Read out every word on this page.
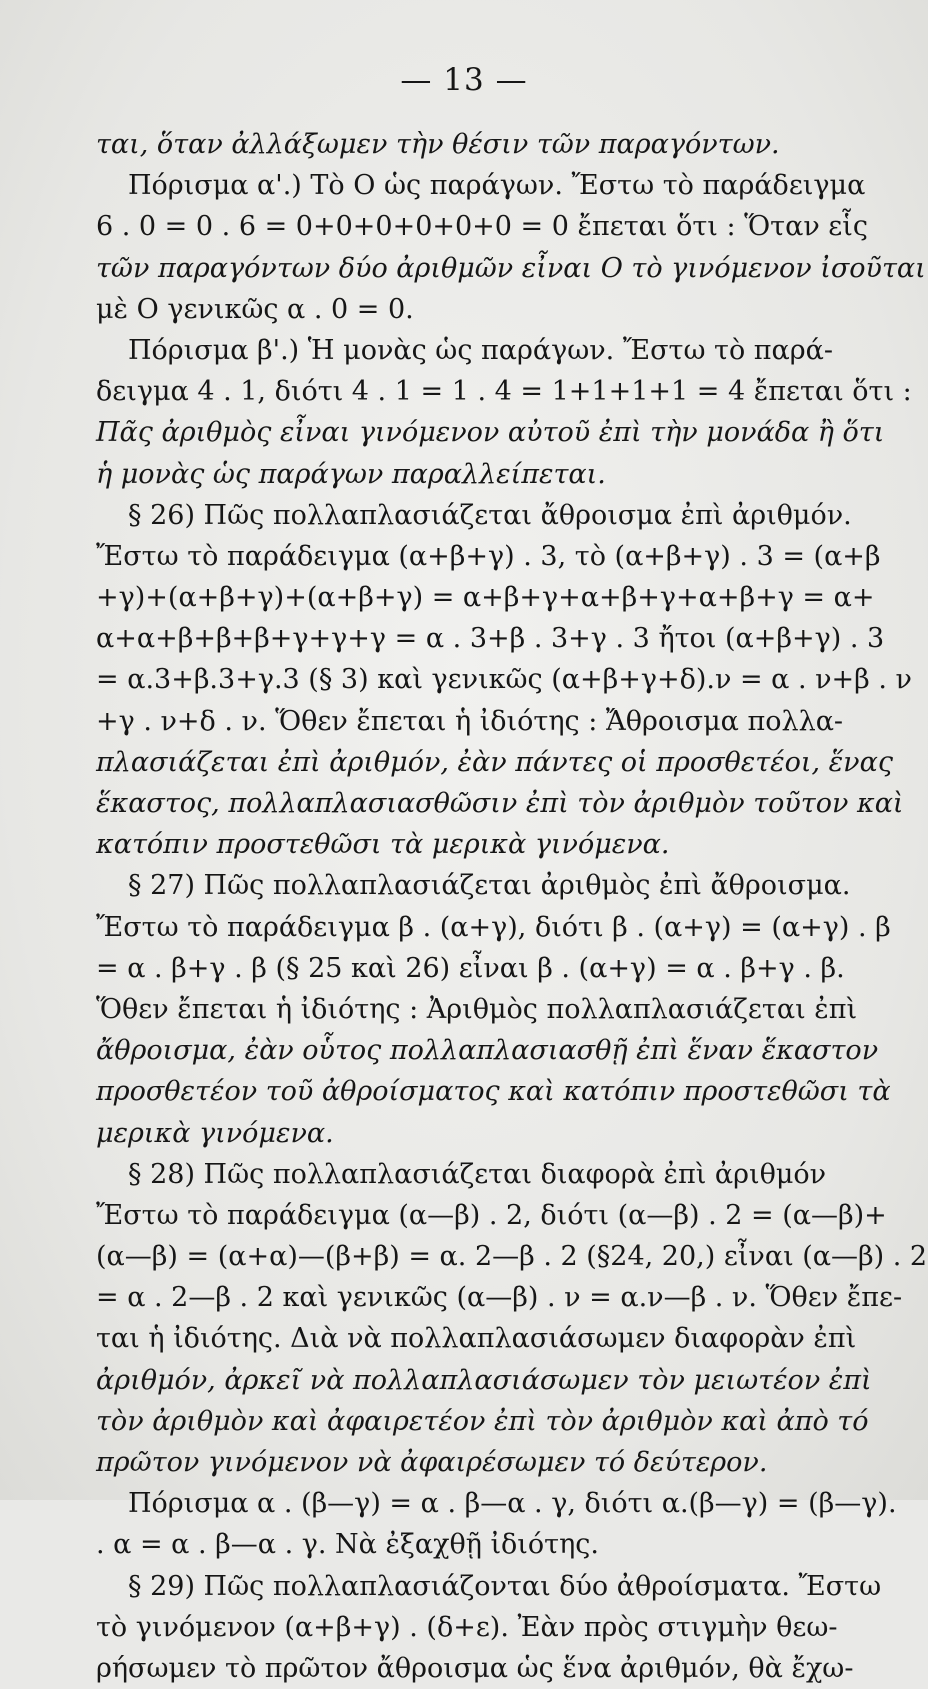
— 13 —
ται, ὅταν ἀλλάξωμεν τὴν θέσιν τῶν παραγόντων.
Πόρισμα α'.) Τὸ O ὡς παράγων. Ἔστω τὸ παράδειγμα
6 . 0 = 0 . 6 = 0+0+0+0+0+0 = 0 ἔπεται ὅτι : Ὅταν εἷς
τῶν παραγόντων δύο ἀριθμῶν εἶναι O τὸ γινόμενον ἰσοῦται
μὲ O γενικῶς α . 0 = 0.
Πόρισμα β'.) Ἡ μονὰς ὡς παράγων. Ἔστω τὸ παρά-
δειγμα 4 . 1, διότι 4 . 1 = 1 . 4 = 1+1+1+1 = 4 ἔπεται ὅτι :
Πᾶς ἀριθμὸς εἶναι γινόμενον αὐτοῦ ἐπὶ τὴν μονάδα ἢ ὅτι
ἡ μονὰς ὡς παράγων παραλλείπεται.
§ 26) Πῶς πολλαπλασιάζεται ἄθροισμα ἐπὶ ἀριθμόν.
Ἔστω τὸ παράδειγμα (α+β+γ) . 3, τὸ (α+β+γ) . 3 = (α+β
+γ)+(α+β+γ)+(α+β+γ) = α+β+γ+α+β+γ+α+β+γ = α+
α+α+β+β+β+γ+γ+γ = α . 3+β . 3+γ . 3 ἤτοι (α+β+γ) . 3
= α.3+β.3+γ.3 (§ 3) καὶ γενικῶς (α+β+γ+δ).ν = α . ν+β . ν
+γ . ν+δ . ν. Ὅθεν ἔπεται ἡ ἰδιότης : Ἄθροισμα πολλα-
πλασιάζεται ἐπὶ ἀριθμόν, ἐὰν πάντες οἱ προσθετέοι, ἕνας
ἕκαστος, πολλαπλασιασθῶσιν ἐπὶ τὸν ἀριθμὸν τοῦτον καὶ
κατόπιν προστεθῶσι τὰ μερικὰ γινόμενα.
§ 27) Πῶς πολλαπλασιάζεται ἀριθμὸς ἐπὶ ἄθροισμα.
Ἔστω τὸ παράδειγμα β . (α+γ), διότι β . (α+γ) = (α+γ) . β
= α . β+γ . β (§ 25 καὶ 26) εἶναι β . (α+γ) = α . β+γ . β.
Ὅθεν ἔπεται ἡ ἰδιότης : Ἀριθμὸς πολλαπλασιάζεται ἐπὶ
ἄθροισμα, ἐὰν οὗτος πολλαπλασιασθῇ ἐπὶ ἕναν ἕκαστον
προσθετέον τοῦ ἀθροίσματος καὶ κατόπιν προστεθῶσι τὰ
μερικὰ γινόμενα.
§ 28) Πῶς πολλαπλασιάζεται διαφορὰ ἐπὶ ἀριθμόν
Ἔστω τὸ παράδειγμα (α—β) . 2, διότι (α—β) . 2 = (α—β)+
(α—β) = (α+α)—(β+β) = α. 2—β . 2 (§24, 20,) εἶναι (α—β) . 2
= α . 2—β . 2 καὶ γενικῶς (α—β) . ν = α.ν—β . ν. Ὅθεν ἔπε-
ται ἡ ἰδιότης. Διὰ νὰ πολλαπλασιάσωμεν διαφορὰν ἐπὶ
ἀριθμόν, ἀρκεῖ νὰ πολλαπλασιάσωμεν τὸν μειωτέον ἐπὶ
τὸν ἀριθμὸν καὶ ἀφαιρετέον ἐπὶ τὸν ἀριθμὸν καὶ ἀπὸ τό
πρῶτον γινόμενον νὰ ἀφαιρέσωμεν τό δεύτερον.
Πόρισμα α . (β—γ) = α . β—α . γ, διότι α.(β—γ) = (β—γ).
. α = α . β—α . γ. Νὰ ἐξαχθῇ ἰδιότης.
§ 29) Πῶς πολλαπλασιάζονται δύο ἀθροίσματα. Ἔστω
τὸ γινόμενον (α+β+γ) . (δ+ε). Ἐὰν πρὸς στιγμὴν θεω-
ρήσωμεν τὸ πρῶτον ἄθροισμα ὡς ἕνα ἀριθμόν, θὰ ἔχω-
